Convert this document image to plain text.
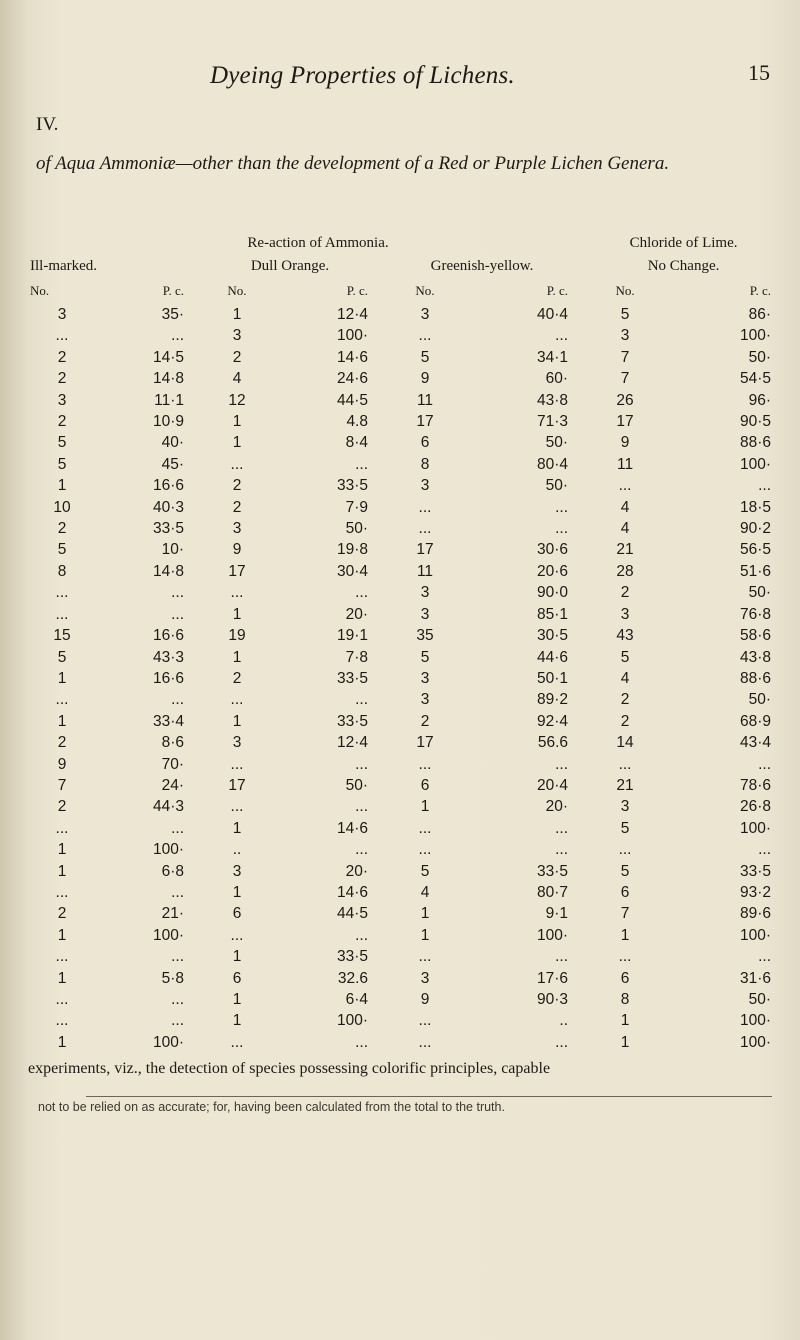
Dyeing Properties of Lichens.	15
IV.
of Aqua Ammoniæ—other than the development of a Red or Purple Lichen Genera.
Re-action of Ammonia.						Chloride of Lime.	
Ill-marked.		Dull Orange.		Greenish-yellow.		No Change.	
No.	P. c.	No.	P. c.	No.	P. c.	No.	P. c.
3	35·	1	12·4	3	40·4	5	86·
...	...	3	100·	...	...	3	100·
2	14·5	2	14·6	5	34·1	7	50·
2	14·8	4	24·6	9	60·	7	54·5
3	11·1	12	44·5	11	43·8	26	96·
2	10·9	1	4.8	17	71·3	17	90·5
5	40·	1	8·4	6	50·	9	88·6
5	45·	...	...	8	80·4	11	100·
1	16·6	2	33·5	3	50·	...	...
10	40·3	2	7·9	...	...	4	18·5
2	33·5	3	50·	...	...	4	90·2
5	10·	9	19·8	17	30·6	21	56·5
8	14·8	17	30·4	11	20·6	28	51·6
...	...	...	...	3	90·0	2	50·
...	...	1	20·	3	85·1	3	76·8
15	16·6	19	19·1	35	30·5	43	58·6
5	43·3	1	7·8	5	44·6	5	43·8
1	16·6	2	33·5	3	50·1	4	88·6
...	...	...	...	3	89·2	2	50·
1	33·4	1	33·5	2	92·4	2	68·9
2	8·6	3	12·4	17	56.6	14	43·4
9	70·	...	...	...	...	...	...
7	24·	17	50·	6	20·4	21	78·6
2	44·3	...	...	1	20·	3	26·8
...	...	1	14·6	...	...	5	100·
1	100·	..	...	...	...	...	...
1	6·8	3	20·	5	33·5	5	33·5
...	...	1	14·6	4	80·7	6	93·2
2	21·	6	44·5	1	9·1	7	89·6
1	100·	...	...	1	100·	1	100·
...	...	1	33·5	...	...	...	...
1	5·8	6	32.6	3	17·6	6	31·6
...	...	1	6·4	9	90·3	8	50·
...	...	1	100·	...	..	1	100·
1	100·	...	...	...	...	1	100·
experiments, viz., the detection of species possessing colorific principles, capable
not to be relied on as accurate; for, having been calculated from the total to the truth.
